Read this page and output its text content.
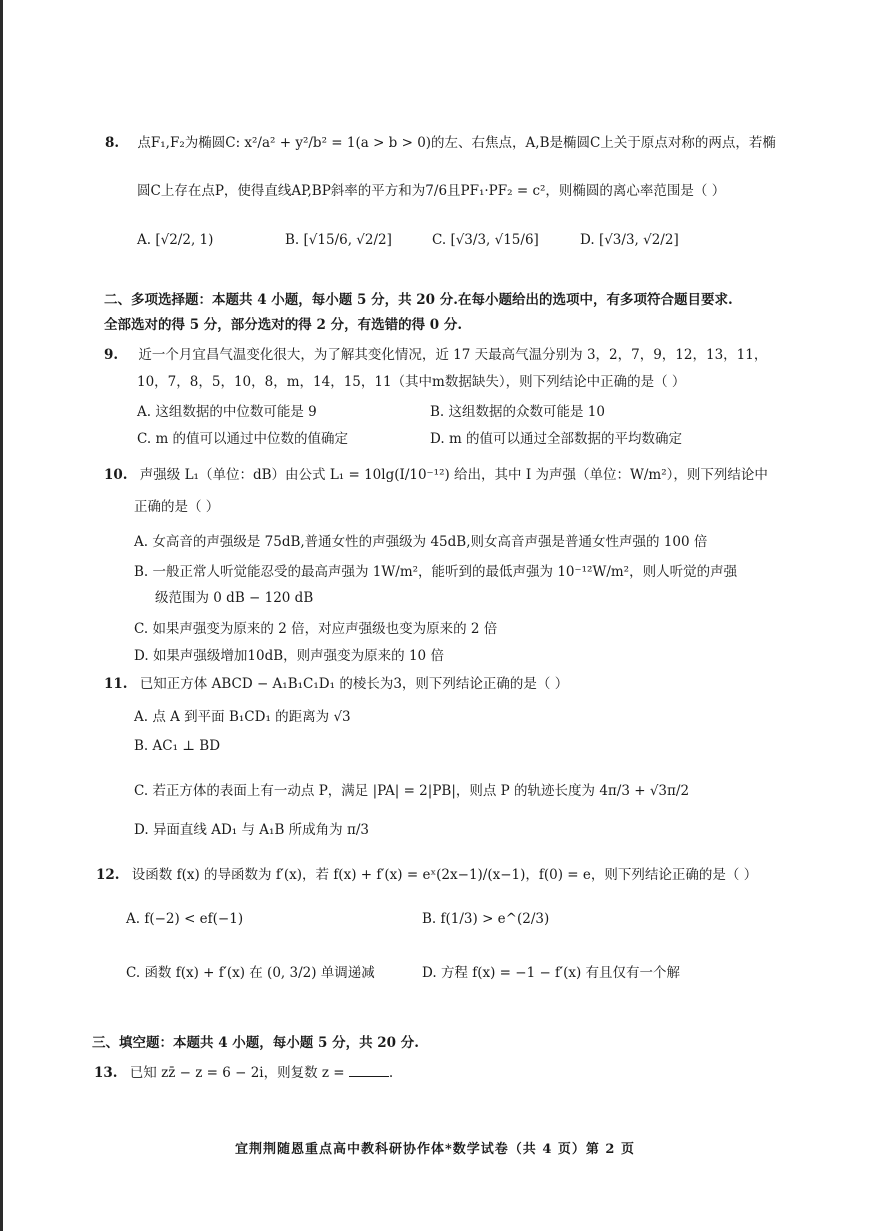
8. 点F₁,F₂为椭圆C: x²/a² + y²/b² = 1(a > b > 0)的左、右焦点，A,B是椭圆C上关于原点对称的两点，若椭
圆C上存在点P，使得直线AP,BP斜率的平方和为7/6且PF₁·PF₂ = c²，则椭圆的离心率范围是（ ）
A. [√2/2, 1)	B. [√15/6, √2/2]	C. [√3/3, √15/6]	D. [√3/3, √2/2]
二、多项选择题：本题共 4 小题，每小题 5 分，共 20 分.在每小题给出的选项中，有多项符合题目要求.
全部选对的得 5 分，部分选对的得 2 分，有选错的得 0 分.
9. 近一个月宜昌气温变化很大，为了解其变化情况，近 17 天最高气温分别为 3，2，7，9，12，13，11，
10，7，8，5，10，8，m，14，15，11（其中m数据缺失），则下列结论中正确的是（ ）
A. 这组数据的中位数可能是 9	B. 这组数据的众数可能是 10
C. m 的值可以通过中位数的值确定	D. m 的值可以通过全部数据的平均数确定
10. 声强级 L₁（单位：dB）由公式 L₁ = 10lg(I/10⁻¹²) 给出，其中 I 为声强（单位：W/m²），则下列结论中
正确的是（ ）
A. 女高音的声强级是 75dB,普通女性的声强级为 45dB,则女高音声强是普通女性声强的 100 倍
B. 一般正常人听觉能忍受的最高声强为 1W/m²，能听到的最低声强为 10⁻¹²W/m²，则人听觉的声强
级范围为 0 dB − 120 dB
C. 如果声强变为原来的 2 倍，对应声强级也变为原来的 2 倍
D. 如果声强级增加10dB，则声强变为原来的 10 倍
11. 已知正方体 ABCD − A₁B₁C₁D₁ 的棱长为3，则下列结论正确的是（ ）
A. 点 A 到平面 B₁CD₁ 的距离为 √3
B. AC₁ ⊥ BD
C. 若正方体的表面上有一动点 P，满足 |PA| = 2|PB|，则点 P 的轨迹长度为 4π/3 + √3π/2
D. 异面直线 AD₁ 与 A₁B 所成角为 π/3
12. 设函数 f(x) 的导函数为 f′(x)，若 f(x) + f′(x) = eˣ(2x−1)/(x−1)，f(0) = e，则下列结论正确的是（ ）
A. f(−2) < ef(−1)	B. f(1/3) > e^(2/3)
C. 函数 f(x) + f′(x) 在 (0, 3/2) 单调递减	D. 方程 f(x) = −1 − f′(x) 有且仅有一个解
三、填空题：本题共 4 小题，每小题 5 分，共 20 分.
13. 已知 zz̄ − z = 6 − 2i，则复数 z =	.
宜荆荆随恩重点高中教科研协作体*数学试卷（共 4 页）第 2 页
